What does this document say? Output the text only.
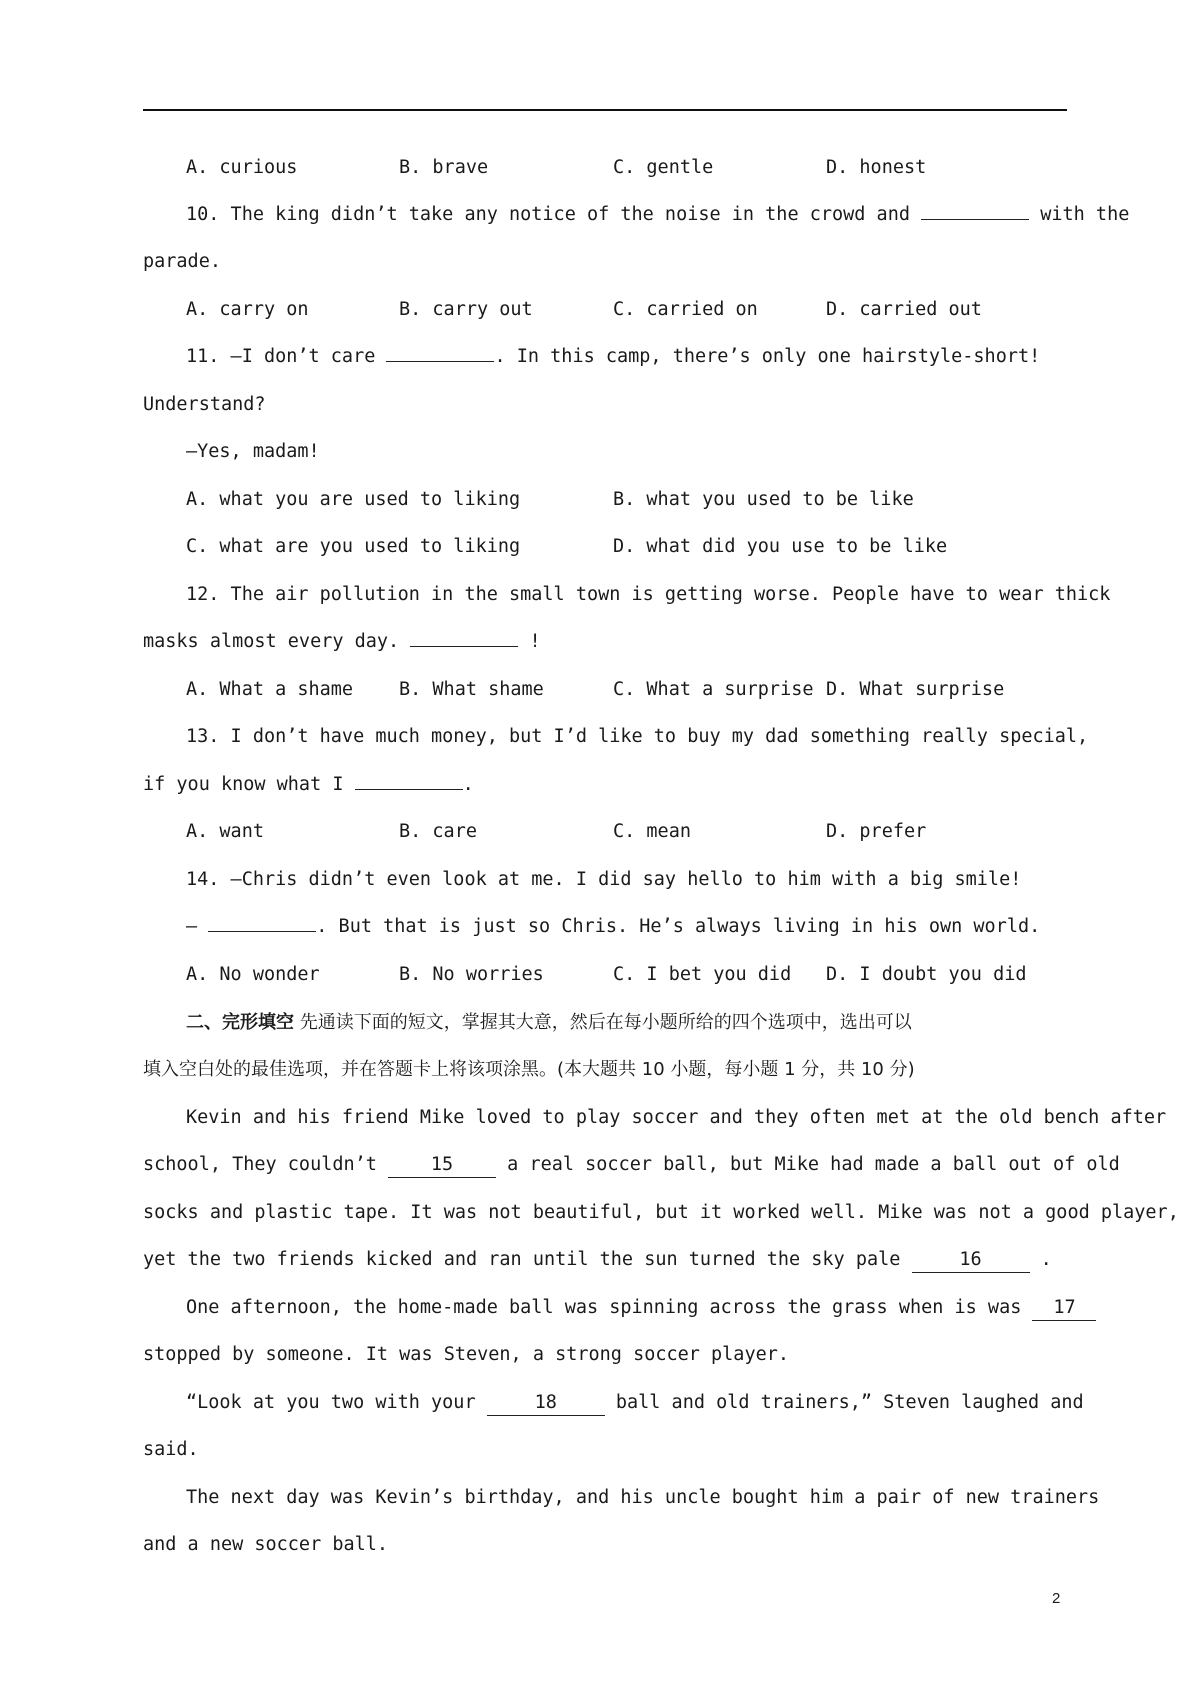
A. curious

	B. brave

	C. gentle

	D. honest

10. The king didn’t take any notice of the noise in the crowd and	with the
parade.

A. carry on

	B. carry out

	C. carried on

	D. carried out

11. —I don’t care	. In this camp, there’s only one hairstyle-short!
Understand?
—Yes, madam!

A. what you are used to liking

	B. what you used to be like

C. what are you used to liking

	D. what did you use to be like

12. The air pollution in the small town is getting worse. People have to wear thick
masks almost every day.	!

A. What a shame

B. What shame

	C. What a surprise

D. What surprise

13. I don’t have much money, but I’d like to buy my dad something really special,
if you know what I	.

A. want

	B. care

	C. mean

	D. prefer

14. —Chris didn’t even look at me. I did say hello to him with a big smile!
—	. But that is just so Chris. He’s always living in his own world.

A. No wonder

	B. No worries

	C. I bet you did

D. I doubt you did

二、完形填空 先通读下面的短文，掌握其大意，然后在每小题所给的四个选项中，选出可以
填入空白处的最佳选项，并在答题卡上将该项涂黑。(本大题共 10 小题，每小题 1 分，共 10 分)
Kevin and his friend Mike loved to play soccer and they often met at the old bench after
school, They couldn’t 15 a real soccer ball, but Mike had made a ball out of old
socks and plastic tape. It was not beautiful, but it worked well. Mike was not a good player,
yet the two friends kicked and ran until the sun turned the sky pale	16	.
One afternoon, the home-made ball was spinning across the grass when is was 17
stopped by someone. It was Steven, a strong soccer player.
“Look at you two with your	18	ball and old trainers,” Steven laughed and
said.
The next day was Kevin’s birthday, and his uncle bought him a pair of new trainers
and a new soccer ball.
2
